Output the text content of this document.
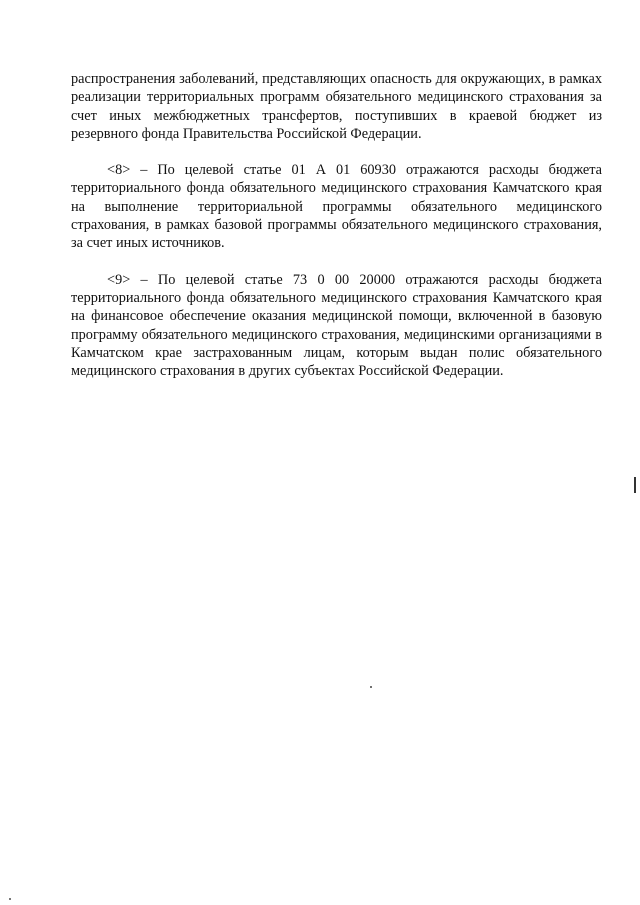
распространения заболеваний, представляющих опасность для окружающих, в рамках реализации территориальных программ обязательного медицинского страхования за счет иных межбюджетных трансфертов, поступивших в краевой бюджет из резервного фонда Правительства Российской Федерации.

<8> – По целевой статье 01 А 01 60930 отражаются расходы бюджета территориального фонда обязательного медицинского страхования Камчатского края на выполнение территориальной программы обязательного медицинского страхования, в рамках базовой программы обязательного медицинского страхования, за счет иных источников.

<9> – По целевой статье 73 0 00 20000 отражаются расходы бюджета территориального фонда обязательного медицинского страхования Камчатского края на финансовое обеспечение оказания медицинской помощи, включенной в базовую программу обязательного медицинского страхования, медицинскими организациями в Камчатском крае застрахованным лицам, которым выдан полис обязательного медицинского страхования в других субъектах Российской Федерации.
